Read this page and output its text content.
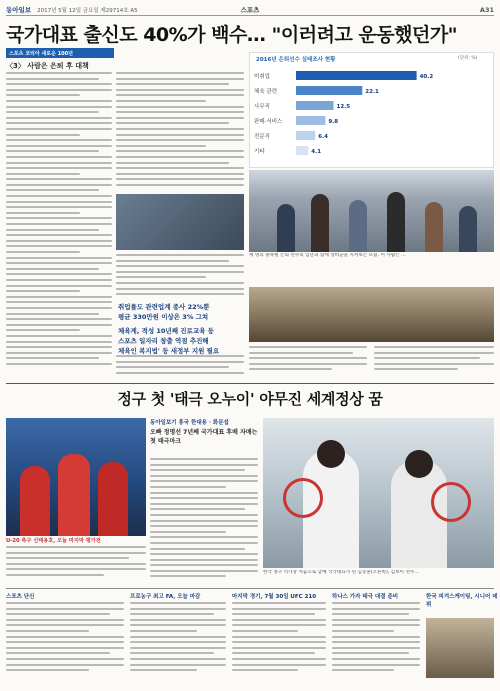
동아일보 2017년 5월 12일 금요일 제29714호 A5	스포츠	A31
국가대표 출신도 40%가 백수… "이러려고 운동했던가"
스포츠 코리아 새로운 100년
〈3〉 사람은 은퇴 후 대책
취업률도 관련업계 종사 22%뿐
평균 330만원 이상은 3% 그쳐
체육계, 적성 10년째 진로교육 등
스포츠 일자리 창출 역점 추진해
체육인 복지법' 등 새정부 지원 필요
2016년 은퇴선수 실태조사 현황	(단위: %)
미취업	40.2
체육 관련	22.1
사무직	12.5
판매·서비스	9.8
전문직	6.4
기타	4.1
세 명의 종목별 은퇴 선수의 입단과 함께 상비군을 지켜보는 모습. 이 사람은 …
정구 첫 '태극 오누이' 야무진 세계정상 꿈
U-20 축구 신태용호, 오늘 마지막 평가전
동아일보기 흥국 한대용 · 화문섭
오빠 정명선 7년째 국가대표 후배 자매는 첫 태극마크
한국 정구 역사상 처음으로 남매 국가대표가 된 김동훈(오른쪽), 김보미 선수…
스포츠 단신	프로농구 최고 FA, 오늘 마감	마지막 경기, 7월 30일 UFC 210	하나스 가자 태극 대결 준비	한국 피겨스케이팅, 시니어 데뷔
